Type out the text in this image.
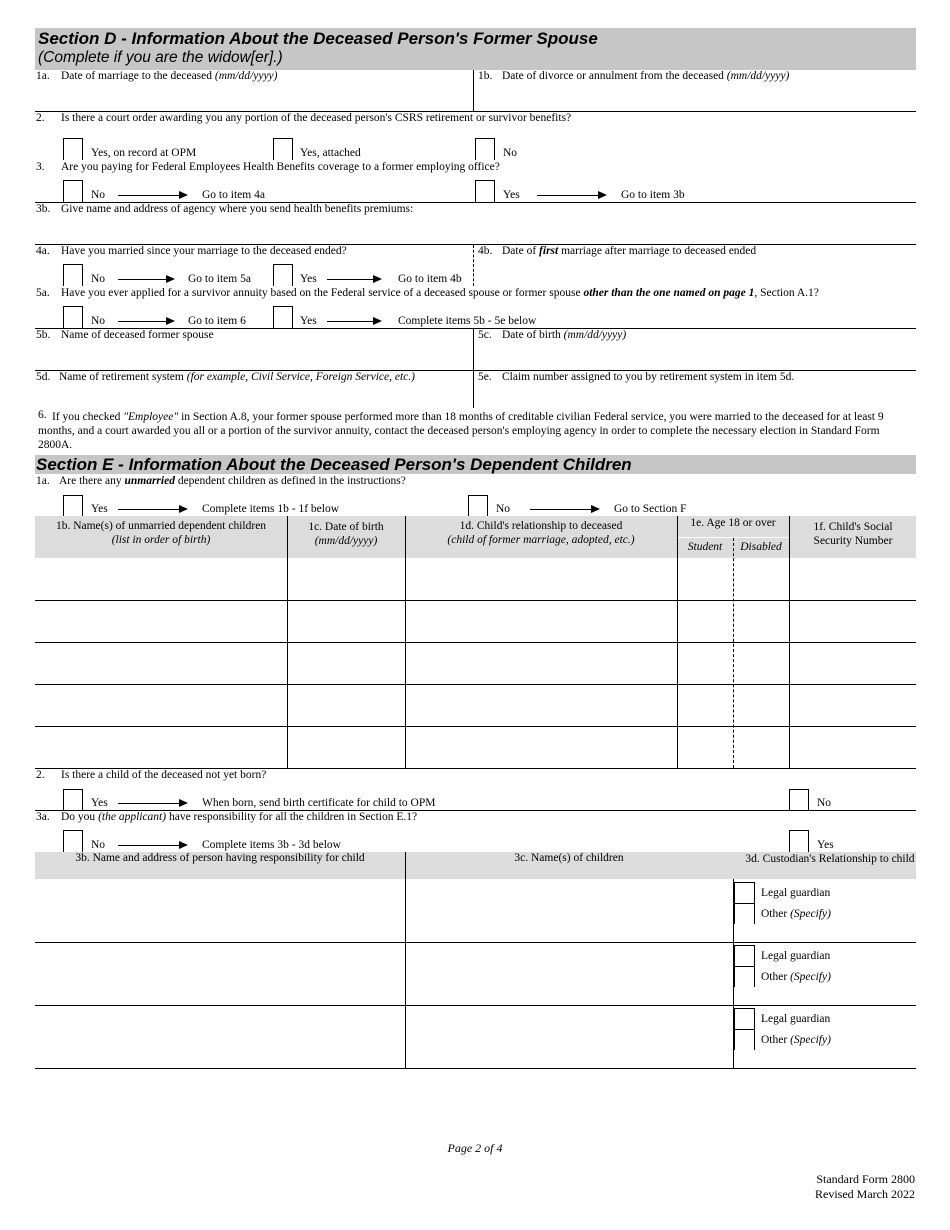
Section D - Information About the Deceased Person's Former Spouse
(Complete if you are the widow[er].)
1a. Date of marriage to the deceased (mm/dd/yyyy)	1b. Date of divorce or annulment from the deceased (mm/dd/yyyy)
2. Is there a court order awarding you any portion of the deceased person's CSRS retirement or survivor benefits?
Yes, on record at OPM	Yes, attached	No
3. Are you paying for Federal Employees Health Benefits coverage to a former employing office?
No	Go to item 4a	Yes	Go to item 3b
3b. Give name and address of agency where you send health benefits premiums:
4a. Have you married since your marriage to the deceased ended?
No	Go to item 5a	Yes	Go to item 4b
4b. Date of first marriage after marriage to deceased ended
5a. Have you ever applied for a survivor annuity based on the Federal service of a deceased spouse or former spouse other than the one named on page 1, Section A.1?
No	Go to item 6	Yes	Complete items 5b - 5e below
5b. Name of deceased former spouse	5c. Date of birth (mm/dd/yyyy)
5d. Name of retirement system (for example, Civil Service, Foreign Service, etc.)	5e. Claim number assigned to you by retirement system in item 5d.
6. If you checked "Employee" in Section A.8, your former spouse performed more than 18 months of creditable civilian Federal service, you were married to the deceased for at least 9 months, and a court awarded you all or a portion of the survivor annuity, contact the deceased person's employing agency in order to complete the necessary election in Standard Form 2800A.
Section E - Information About the Deceased Person's Dependent Children
1a. Are there any unmarried dependent children as defined in the instructions?
Yes	Complete items 1b - 1f below	No	Go to Section F
1b. Name(s) of unmarried dependent children
(list in order of birth)
1c. Date of birth
(mm/dd/yyyy)
1d. Child's relationship to deceased
(child of former marriage, adopted, etc.)
1e. Age 18 or over
Student	Disabled
1f. Child's Social Security Number
2. Is there a child of the deceased not yet born?
Yes	When born, send birth certificate for child to OPM	No
3a. Do you (the applicant) have responsibility for all the children in Section E.1?
No	Complete items 3b - 3d below	Yes
3b. Name and address of person having responsibility for child	3c. Name(s) of children	3d. Custodian's Relationship to child
Legal guardian
Other (Specify)
Legal guardian
Other (Specify)
Legal guardian
Other (Specify)
Page 2 of 4
Standard Form 2800
Revised March 2022
